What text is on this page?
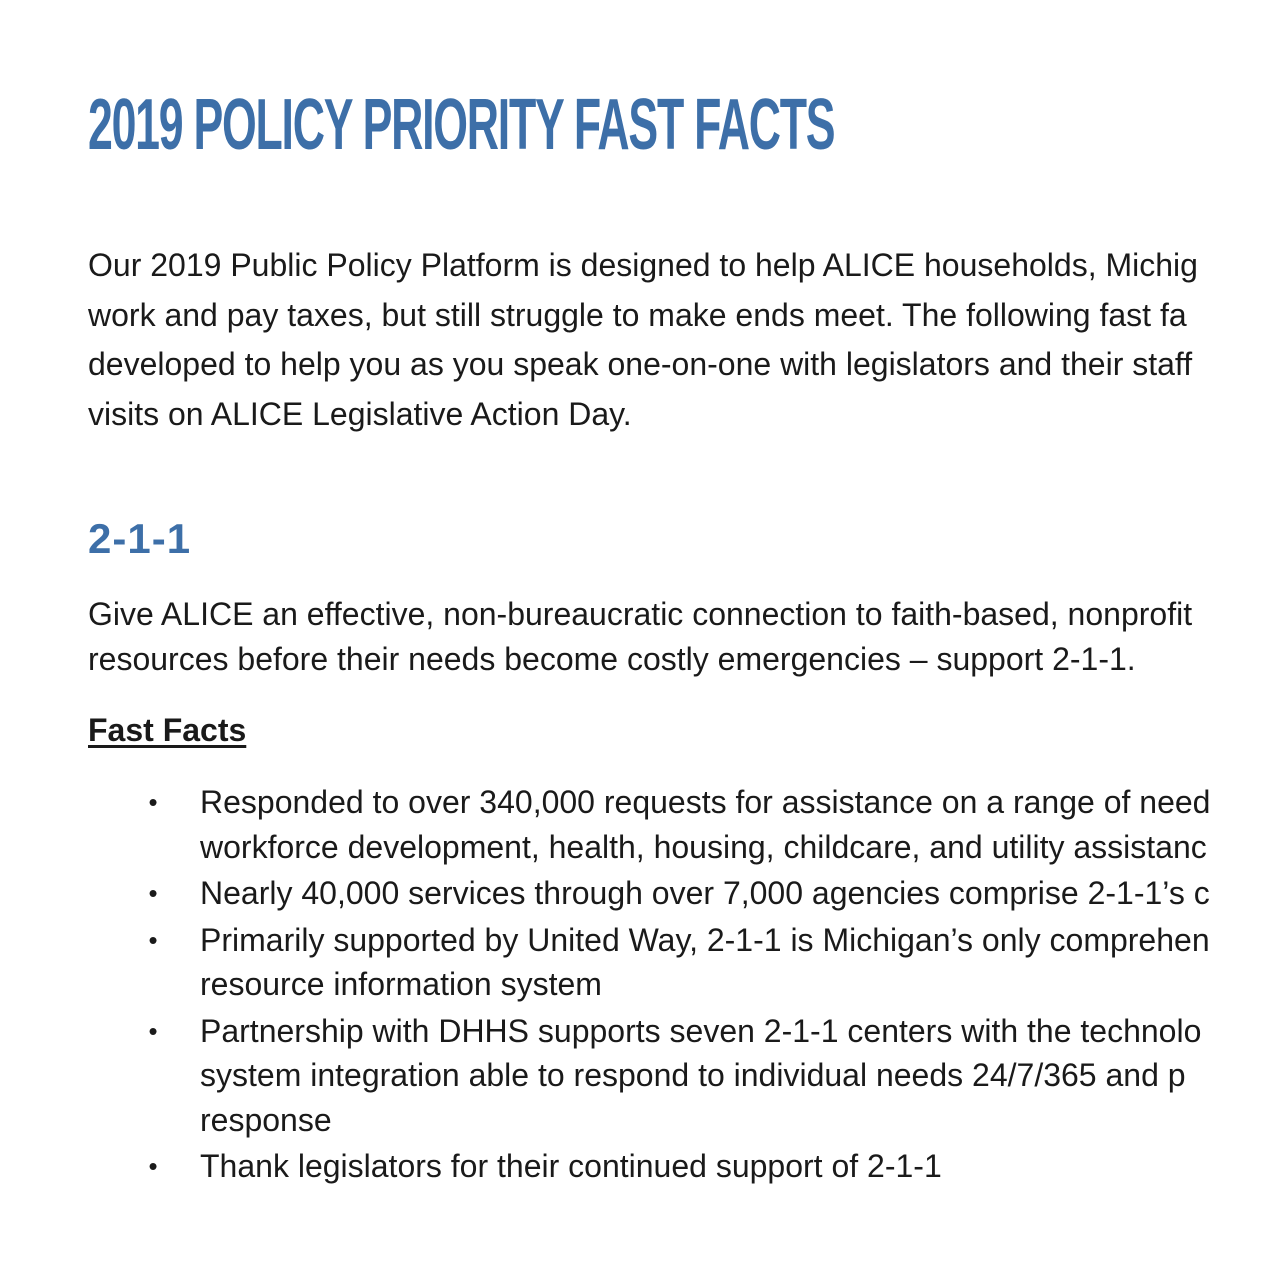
2019 POLICY PRIORITY FAST FACTS

Our 2019 Public Policy Platform is designed to help ALICE households, Michig
work and pay taxes, but still struggle to make ends meet. The following fast fa
developed to help you as you speak one-on-one with legislators and their staff
visits on ALICE Legislative Action Day.

2-1-1

Give ALICE an effective, non-bureaucratic connection to faith-based, nonprofit
resources before their needs become costly emergencies – support 2-1-1.

Fast Facts
• Responded to over 340,000 requests for assistance on a range of need
workforce development, health, housing, childcare, and utility assistanc
• Nearly 40,000 services through over 7,000 agencies comprise 2-1-1’s c
• Primarily supported by United Way, 2-1-1 is Michigan’s only comprehen
resource information system
• Partnership with DHHS supports seven 2-1-1 centers with the technolo
system integration able to respond to individual needs 24/7/365 and p
response
• Thank legislators for their continued support of 2-1-1
